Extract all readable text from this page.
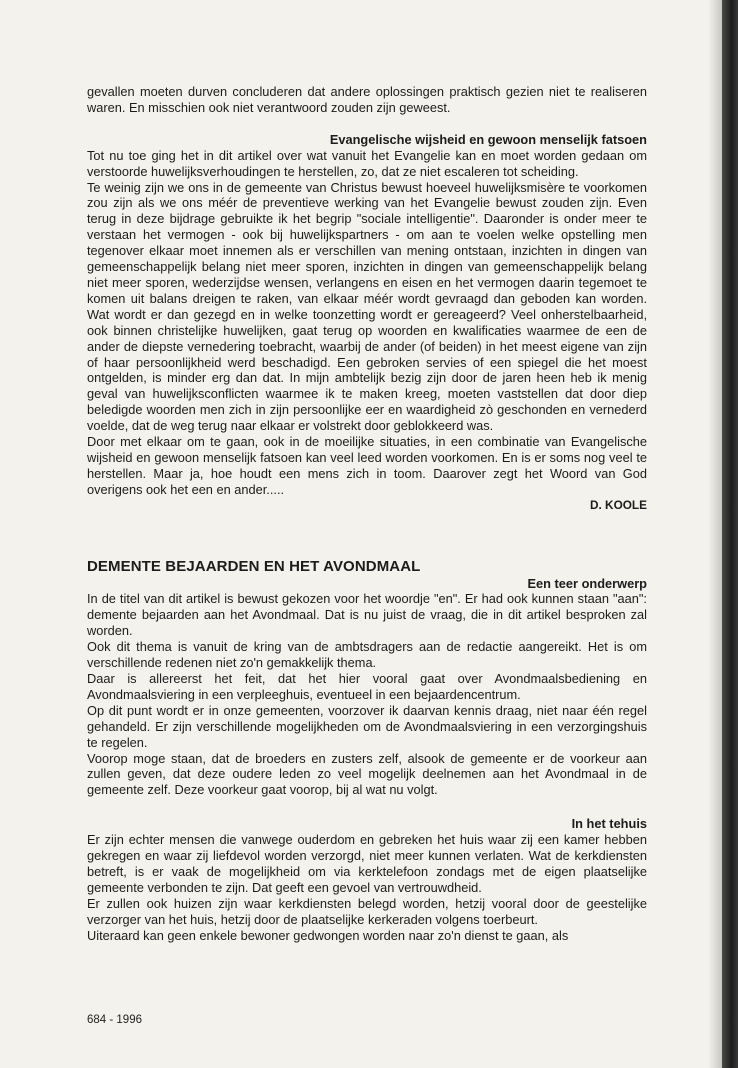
gevallen moeten durven concluderen dat andere oplossingen praktisch gezien niet te realiseren waren. En misschien ook niet verantwoord zouden zijn geweest.

Evangelische wijsheid en gewoon menselijk fatsoen

Tot nu toe ging het in dit artikel over wat vanuit het Evangelie kan en moet worden gedaan om verstoorde huwelijksverhoudingen te herstellen, zo, dat ze niet escaleren tot scheiding.

Te weinig zijn we ons in de gemeente van Christus bewust hoeveel huwelijksmisère te voorkomen zou zijn als we ons méér de preventieve werking van het Evangelie bewust zouden zijn. Even terug in deze bijdrage gebruikte ik het begrip "sociale intelligentie". Daaronder is onder meer te verstaan het vermogen - ook bij huwelijkspartners - om aan te voelen welke opstelling men tegenover elkaar moet innemen als er verschillen van mening ontstaan, inzichten in dingen van gemeenschappelijk belang niet meer sporen, inzichten in dingen van gemeenschappelijk belang niet meer sporen, wederzijdse wensen, verlangens en eisen en het vermogen daarin tegemoet te komen uit balans dreigen te raken, van elkaar méér wordt gevraagd dan geboden kan worden. Wat wordt er dan gezegd en in welke toonzetting wordt er gereageerd? Veel onherstelbaarheid, ook binnen christelijke huwelijken, gaat terug op woorden en kwalificaties waarmee de een de ander de diepste vernedering toebracht, waarbij de ander (of beiden) in het meest eigene van zijn of haar persoonlijkheid werd beschadigd. Een gebroken servies of een spiegel die het moest ontgelden, is minder erg dan dat. In mijn ambtelijk bezig zijn door de jaren heen heb ik menig geval van huwelijksconflicten waarmee ik te maken kreeg, moeten vaststellen dat door diep beledigde woorden men zich in zijn persoonlijke eer en waardigheid zò geschonden en vernederd voelde, dat de weg terug naar elkaar er volstrekt door geblokkeerd was.

Door met elkaar om te gaan, ook in de moeilijke situaties, in een combinatie van Evangelische wijsheid en gewoon menselijk fatsoen kan veel leed worden voorkomen. En is er soms nog veel te herstellen. Maar ja, hoe houdt een mens zich in toom. Daarover zegt het Woord van God overigens ook het een en ander.....

D. KOOLE

DEMENTE BEJAARDEN EN HET AVONDMAAL

Een teer onderwerp

In de titel van dit artikel is bewust gekozen voor het woordje "en". Er had ook kunnen staan "aan": demente bejaarden aan het Avondmaal. Dat is nu juist de vraag, die in dit artikel besproken zal worden.

Ook dit thema is vanuit de kring van de ambtsdragers aan de redactie aangereikt. Het is om verschillende redenen niet zo'n gemakkelijk thema.

Daar is allereerst het feit, dat het hier vooral gaat over Avondmaalsbediening en Avondmaalsviering in een verpleeghuis, eventueel in een bejaardencentrum.

Op dit punt wordt er in onze gemeenten, voorzover ik daarvan kennis draag, niet naar één regel gehandeld. Er zijn verschillende mogelijkheden om de Avondmaalsviering in een verzorgingshuis te regelen.

Voorop moge staan, dat de broeders en zusters zelf, alsook de gemeente er de voorkeur aan zullen geven, dat deze oudere leden zo veel mogelijk deelnemen aan het Avondmaal in de gemeente zelf. Deze voorkeur gaat voorop, bij al wat nu volgt.

In het tehuis

Er zijn echter mensen die vanwege ouderdom en gebreken het huis waar zij een kamer hebben gekregen en waar zij liefdevol worden verzorgd, niet meer kunnen verlaten. Wat de kerkdiensten betreft, is er vaak de mogelijkheid om via kerktelefoon zondags met de eigen plaatselijke gemeente verbonden te zijn. Dat geeft een gevoel van vertrouwdheid.

Er zullen ook huizen zijn waar kerkdiensten belegd worden, hetzij vooral door de geestelijke verzorger van het huis, hetzij door de plaatselijke kerkeraden volgens toerbeurt.

Uiteraard kan geen enkele bewoner gedwongen worden naar zo'n dienst te gaan, als

684 - 1996
